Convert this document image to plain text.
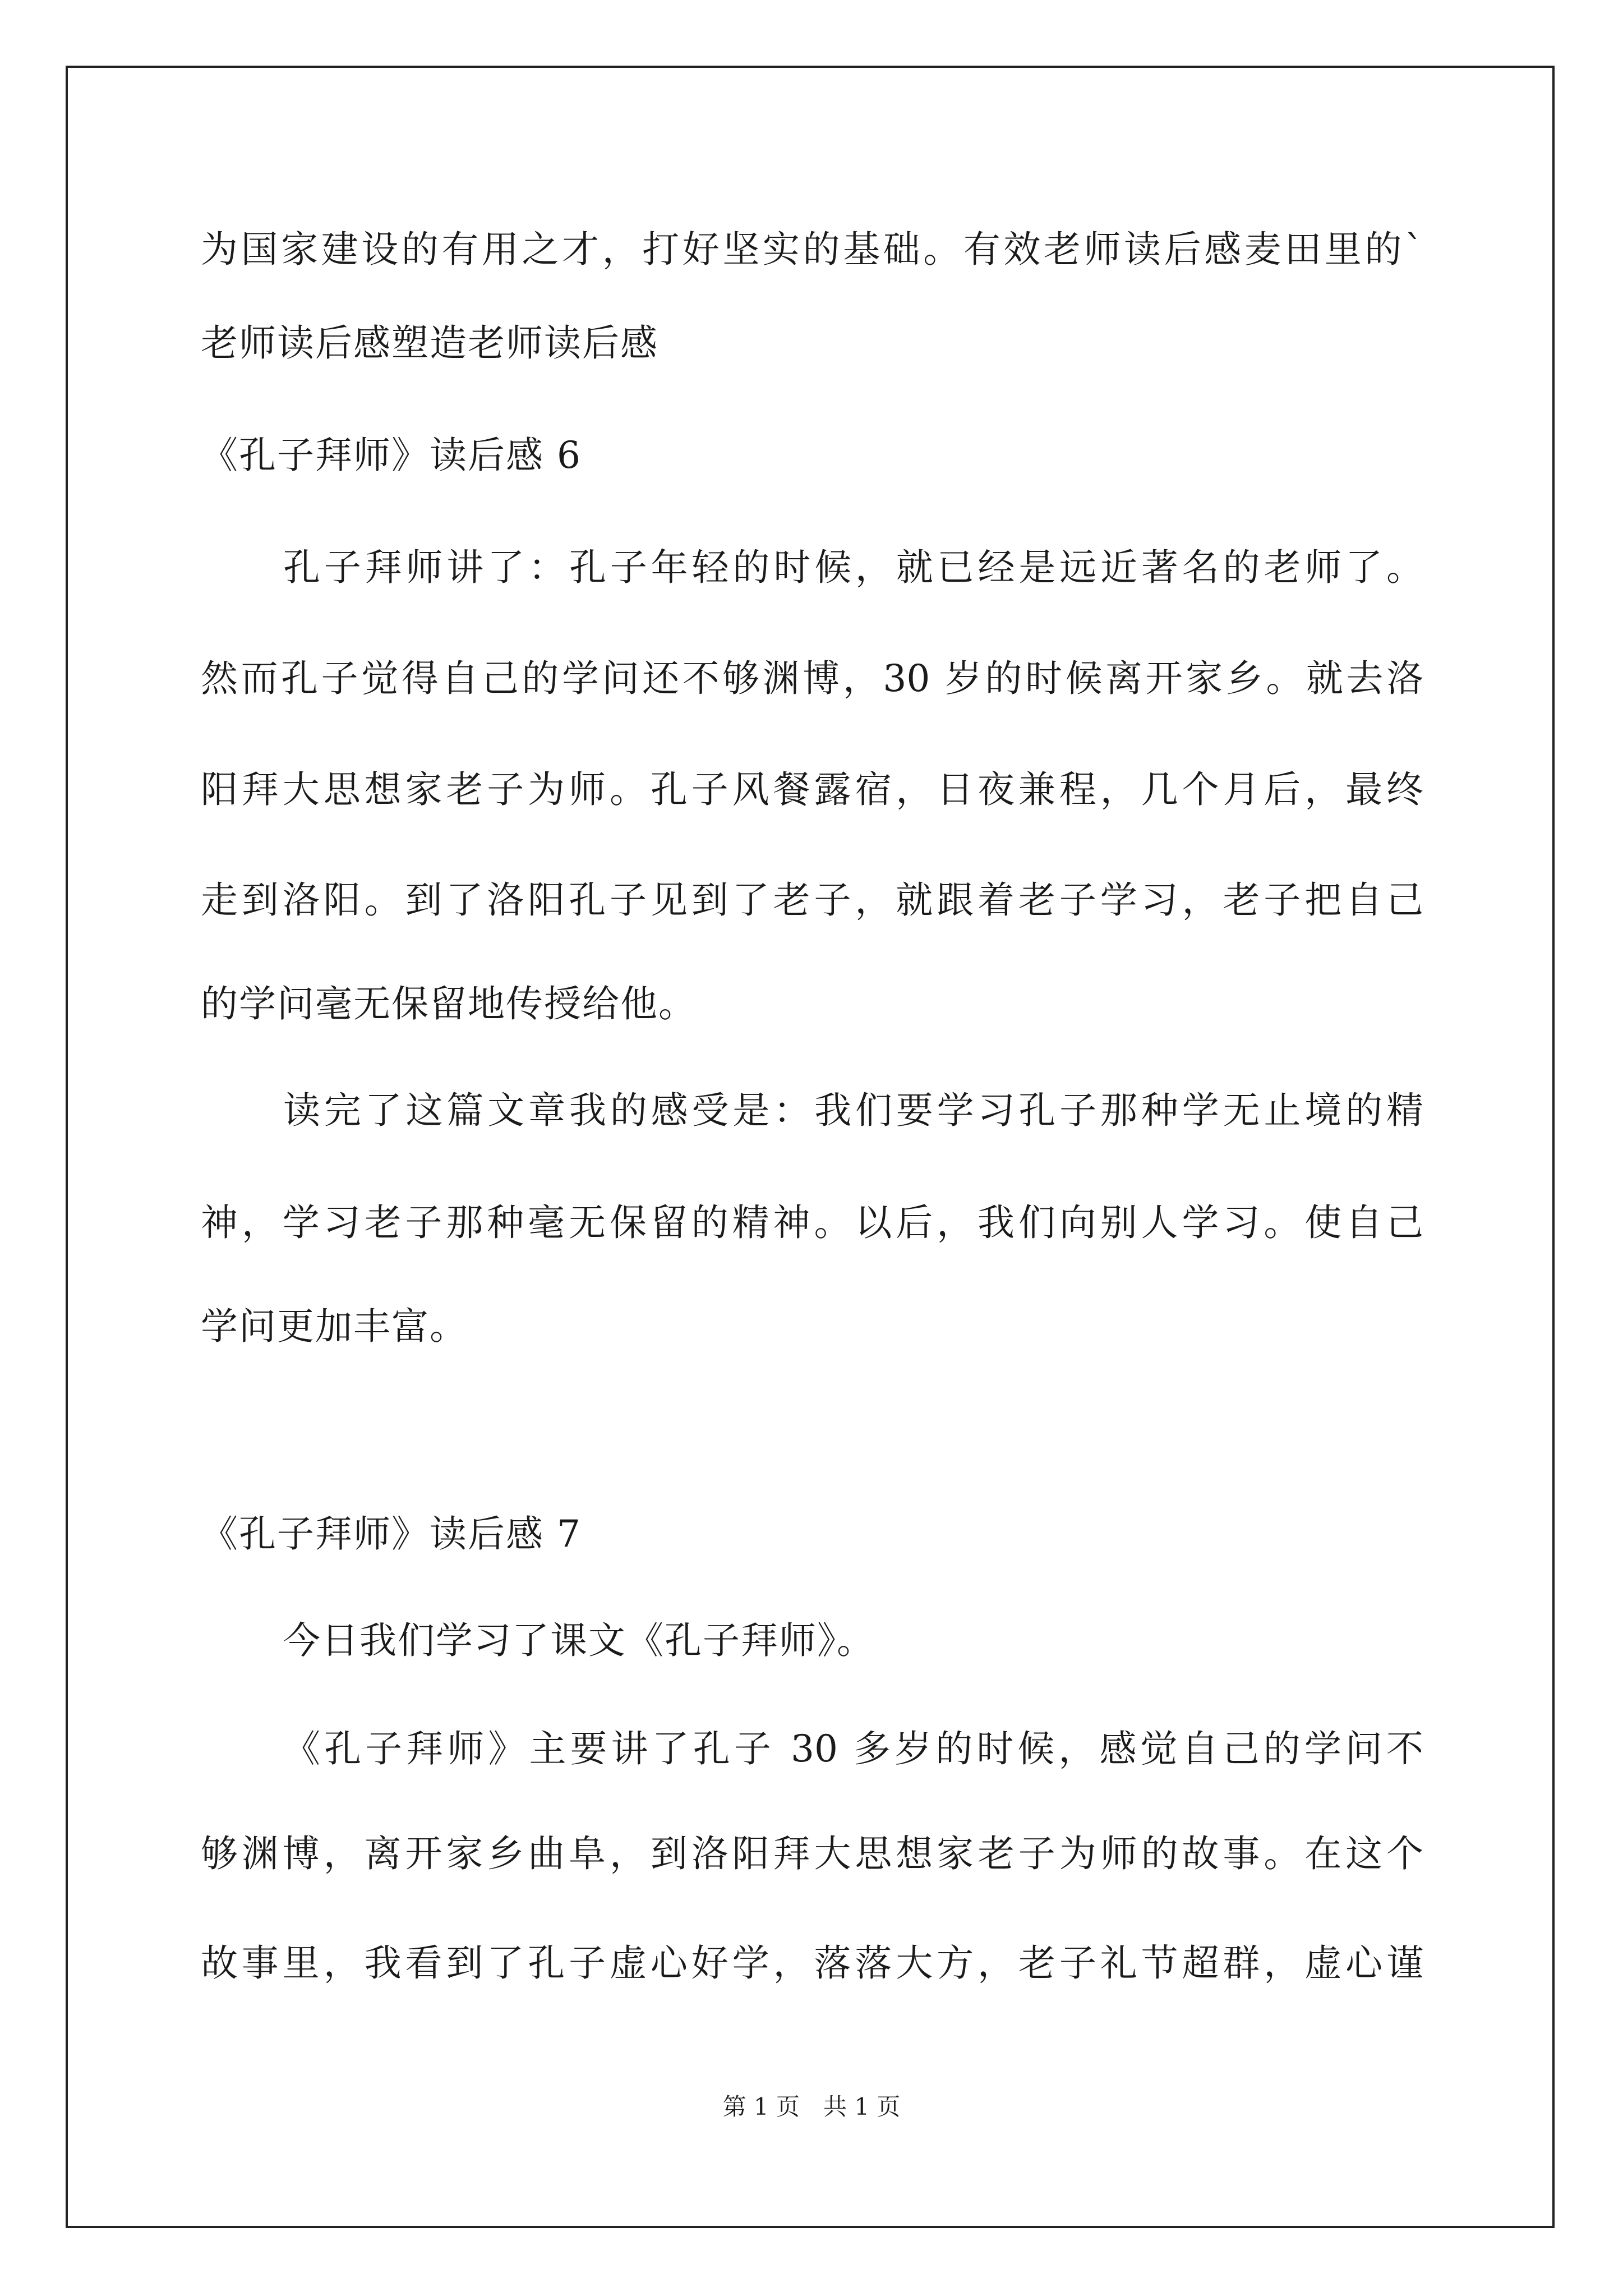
为国家建设的有用之才，打好坚实的基础。有效老师读后感麦田里的`
老师读后感塑造老师读后感
《孔子拜师》读后感 6
孔子拜师讲了：孔子年轻的时候，就已经是远近著名的老师了。
然而孔子觉得自己的学问还不够渊博，30 岁的时候离开家乡。就去洛
阳拜大思想家老子为师。孔子风餐露宿，日夜兼程，几个月后，最终
走到洛阳。到了洛阳孔子见到了老子，就跟着老子学习，老子把自己
的学问毫无保留地传授给他。
读完了这篇文章我的感受是：我们要学习孔子那种学无止境的精
神，学习老子那种毫无保留的精神。以后，我们向别人学习。使自己
学问更加丰富。
《孔子拜师》读后感 7
今日我们学习了课文《孔子拜师》。
《孔子拜师》主要讲了孔子 30 多岁的时候，感觉自己的学问不
够渊博，离开家乡曲阜，到洛阳拜大思想家老子为师的故事。在这个
故事里，我看到了孔子虚心好学，落落大方，老子礼节超群，虚心谨
第 1 页　共 1 页
